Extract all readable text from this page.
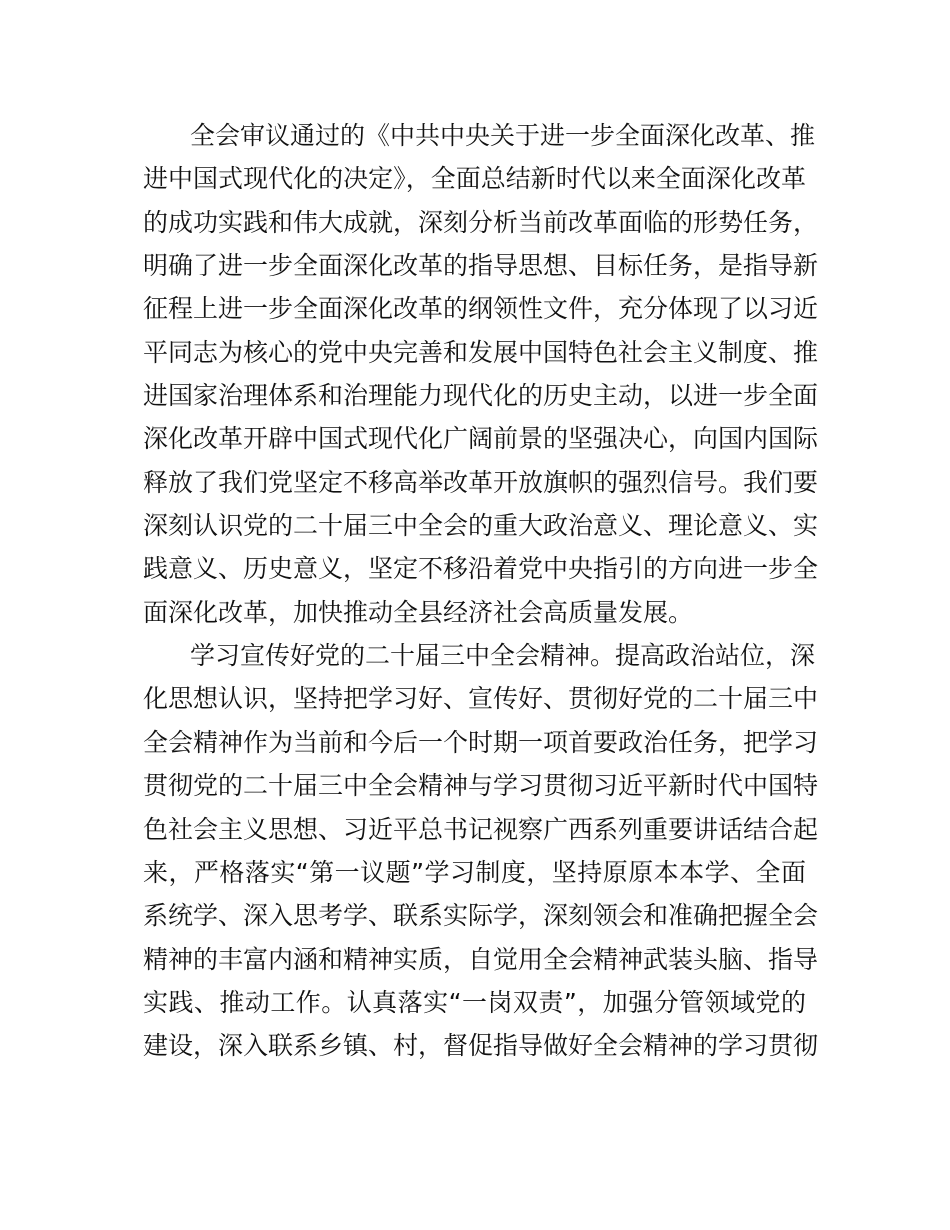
全会审议通过的《中共中央关于进一步全面深化改革、推
进中国式现代化的决定》，全面总结新时代以来全面深化改革
的成功实践和伟大成就，深刻分析当前改革面临的形势任务，
明确了进一步全面深化改革的指导思想、目标任务，是指导新
征程上进一步全面深化改革的纲领性文件，充分体现了以习近
平同志为核心的党中央完善和发展中国特色社会主义制度、推
进国家治理体系和治理能力现代化的历史主动，以进一步全面
深化改革开辟中国式现代化广阔前景的坚强决心，向国内国际
释放了我们党坚定不移高举改革开放旗帜的强烈信号。我们要
深刻认识党的二十届三中全会的重大政治意义、理论意义、实
践意义、历史意义，坚定不移沿着党中央指引的方向进一步全
面深化改革，加快推动全县经济社会高质量发展。
学习宣传好党的二十届三中全会精神。提高政治站位，深
化思想认识，坚持把学习好、宣传好、贯彻好党的二十届三中
全会精神作为当前和今后一个时期一项首要政治任务，把学习
贯彻党的二十届三中全会精神与学习贯彻习近平新时代中国特
色社会主义思想、习近平总书记视察广西系列重要讲话结合起
来，严格落实“第一议题”学习制度，坚持原原本本学、全面
系统学、深入思考学、联系实际学，深刻领会和准确把握全会
精神的丰富内涵和精神实质，自觉用全会精神武装头脑、指导
实践、推动工作。认真落实“一岗双责”，加强分管领域党的
建设，深入联系乡镇、村，督促指导做好全会精神的学习贯彻
